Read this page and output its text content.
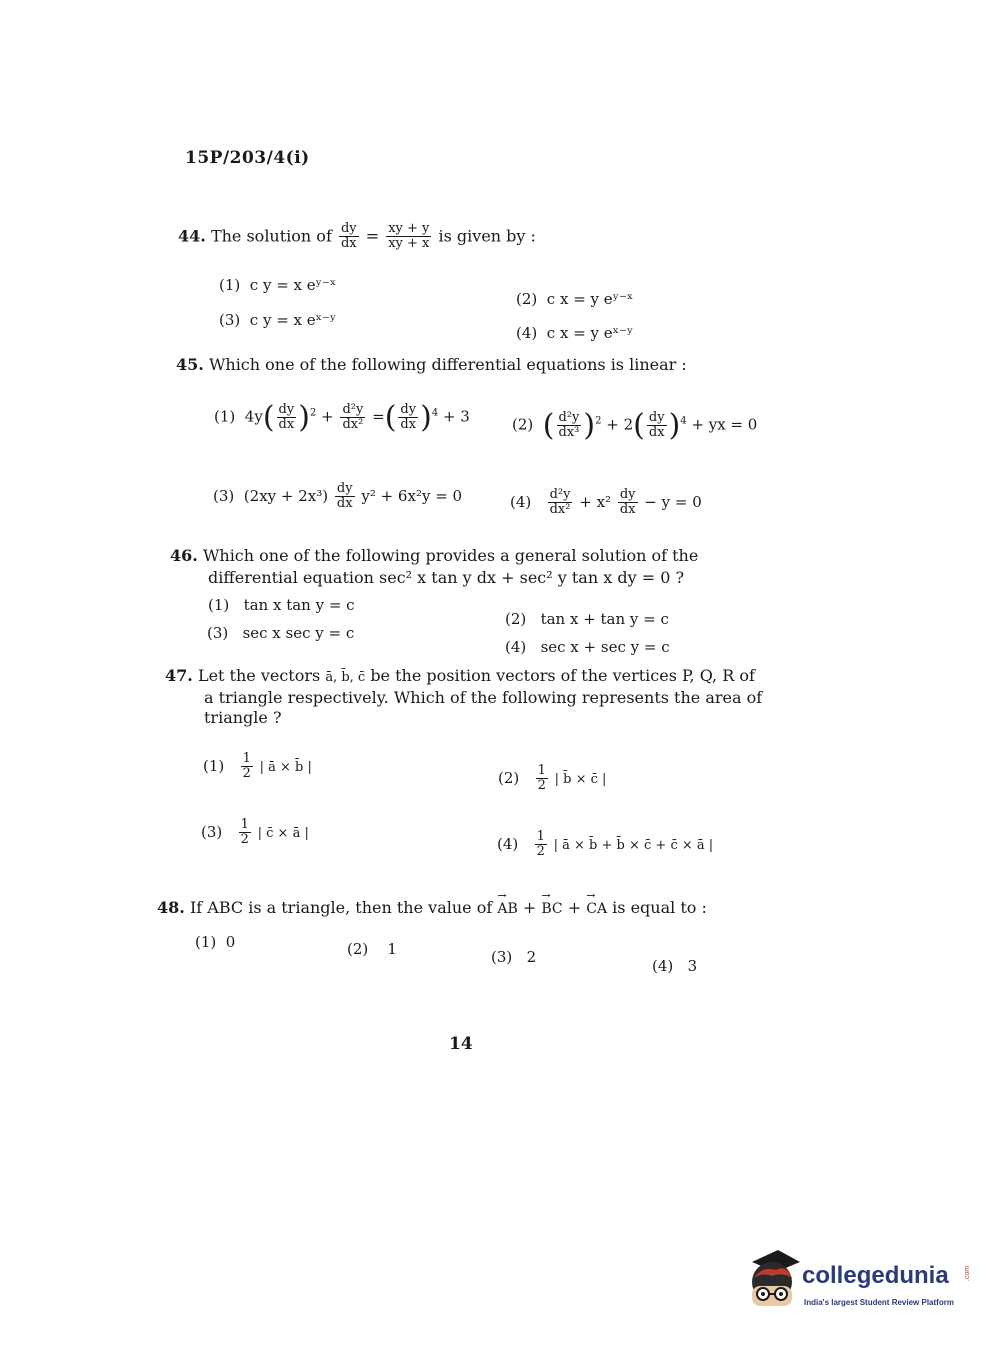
15P/203/4(i)
44. The solution of $\frac{dy}{dx} = \frac{xy + y}{xy + x}$ is given by :
(1) c y = x eʸ⁻ˣ
(2) c x = y eʸ⁻ˣ
(3) c y = x eˣ⁻ʸ
(4) c x = y eˣ⁻ʸ
45. Which one of the following differential equations is linear :
(1) $4y( \frac{dy}{dx} )^2 + \frac{\text{d²y}}{\text{dx²}}$ =( $\frac{dy}{dx} )^4 + 3$	(2) ( $\frac{\text{d²y}}{\text{dx³}} )^2 + 2( \frac{dy}{dx} )^4$ + yx = 0
(3) $(2xy + 2x^3) \frac{dy}{dx} y^2 + 6x^2y = 0$	$(4) \frac{\text{d²y}}{\text{dx²}} + x^2 \frac{dy}{dx} - y = 0$
46. Which one of the following provides a general solution of the
differential equation sec² x tan y dx + sec² y tan x dy = 0 ?
(1) tan x tan y = c
(2) tan x + tan y = c
(3) sec x sec y = c
(4) sec x + sec y = c
47. Let the vectors ā, b̄, c̄ be the position vectors of the vertices P, Q, R of
a triangle respectively. Which of the following represents the area of
triangle ?
$(1) \frac{1}{2}$ | ā × b̄ |
$(2) \frac{1}{2}$ | b̄ × c̄ |
$(3) \frac{1}{2}$ | c̄ × ā |
$(4) \frac{1}{2}$ | ā × b̄ + b̄ × c̄ + c̄ × ā |
48. If ABC is a triangle, then the value of → AB + → BC + → CA is equal to :
(1) 0	(2) 1	(3) 2	(4) 3
14
collegedunia .com
India's largest Student Review Platform
